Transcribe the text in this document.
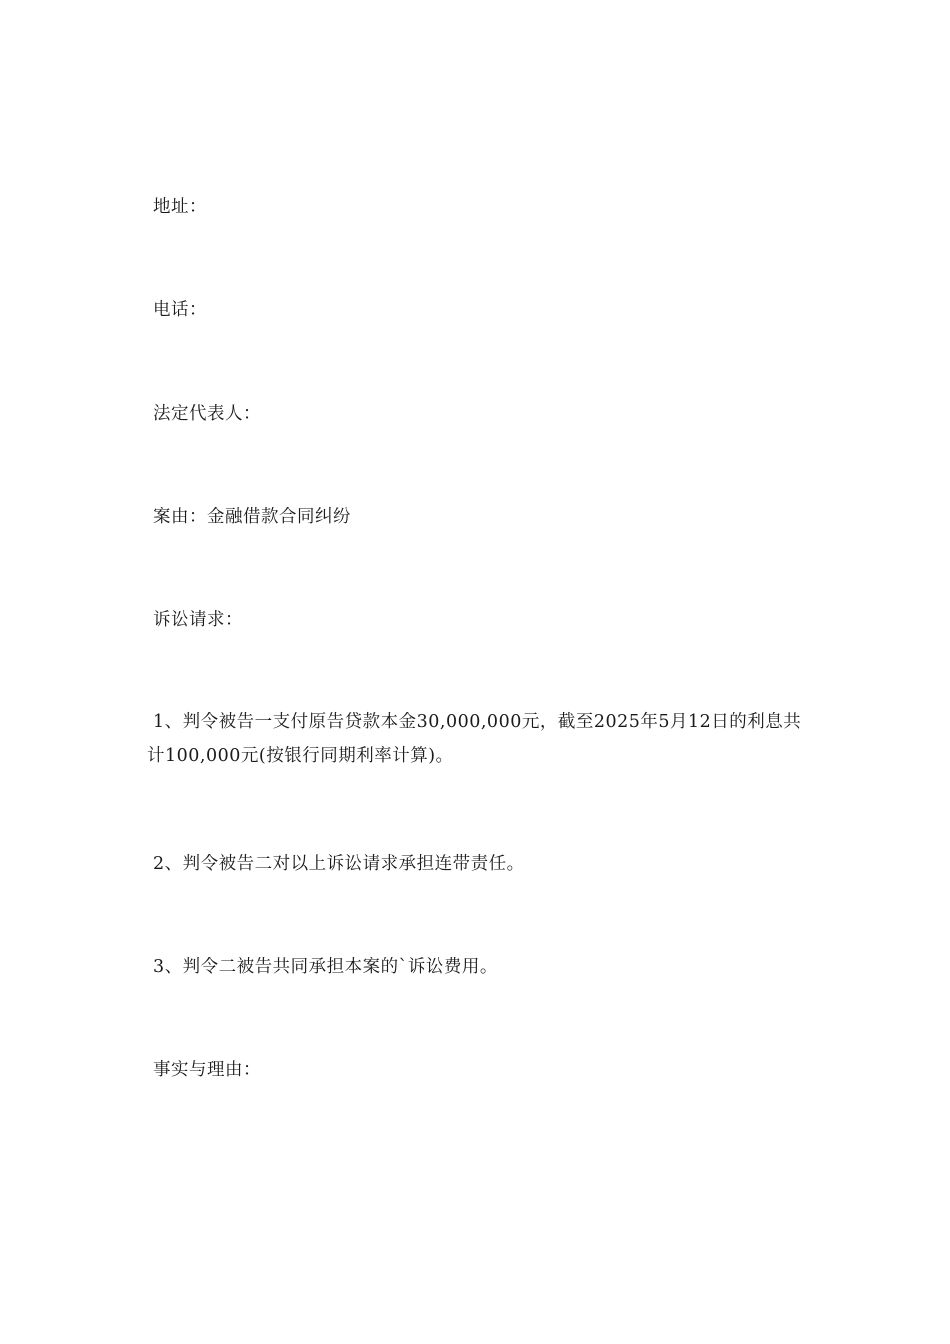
地址：
电话：
法定代表人：
案由：金融借款合同纠纷
诉讼请求：
1、判令被告一支付原告贷款本金30,000,000元，截至2025年5月12日的利息共计100,000元(按银行同期利率计算)。
2、判令被告二对以上诉讼请求承担连带责任。
3、判令二被告共同承担本案的`诉讼费用。
事实与理由：
